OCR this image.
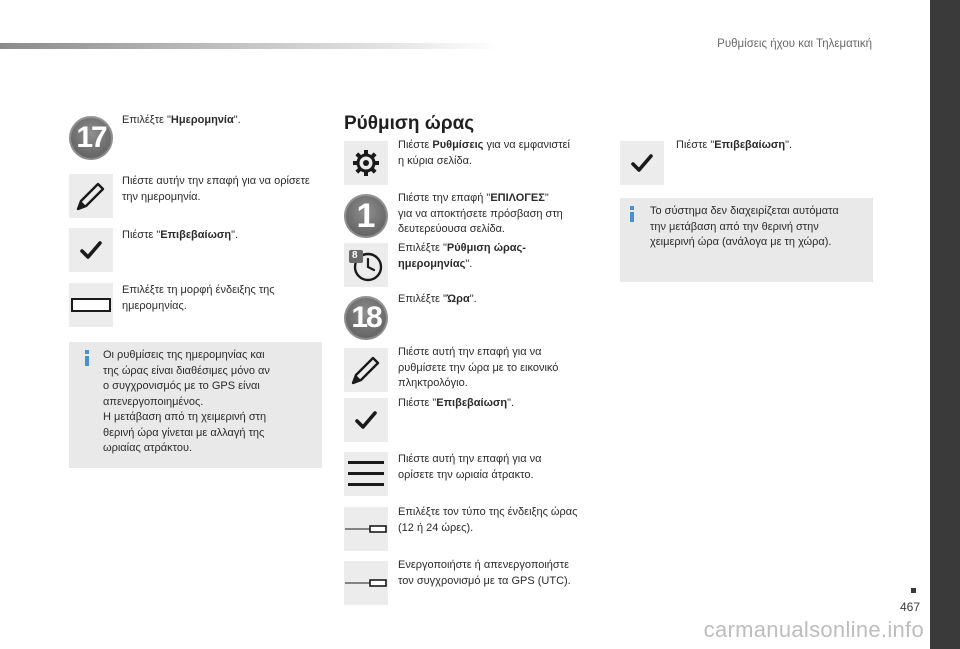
Ρυθμίσεις ήχου και Τηλεματική
467
carmanualsonline.info
17
Επιλέξτε "Ημερομηνία".
Πιέστε αυτήν την επαφή για να ορίσετε την ημερομηνία.
Πιέστε "Επιβεβαίωση".
Επιλέξτε τη μορφή ένδειξης της ημερομηνίας.
Οι ρυθμίσεις της ημερομηνίας και
της ώρας είναι διαθέσιμες μόνο αν
ο συγχρονισμός με το GPS είναι
απενεργοποιημένος.
Η μετάβαση από τη χειμερινή στη
θερινή ώρα γίνεται με αλλαγή της
ωριαίας ατράκτου.
Ρύθμιση ώρας
Πιέστε Ρυθμίσεις για να εμφανιστεί
η κύρια σελίδα.
1 Πιέστε την επαφή "ΕΠΙΛΟΓΕΣ"
για να αποκτήσετε πρόσβαση στη
δευτερεύουσα σελίδα.
8
Επιλέξτε "Ρύθμιση ώρας-
ημερομηνίας".
18
Επιλέξτε "Ώρα".
Πιέστε αυτή την επαφή για να
ρυθμίσετε την ώρα με το εικονικό
πληκτρολόγιο.
Πιέστε "Επιβεβαίωση".
Πιέστε αυτή την επαφή για να
ορίσετε την ωριαία άτρακτο.
Επιλέξτε τον τύπο της ένδειξης ώρας
(12 ή 24 ώρες).
Ενεργοποιήστε ή απενεργοποιήστε
τον συγχρονισμό με τα GPS (UTC).
Πιέστε "Επιβεβαίωση".
Το σύστημα δεν διαχειρίζεται αυτόματα
την μετάβαση από την θερινή στην
χειμερινή ώρα (ανάλογα με τη χώρα).
